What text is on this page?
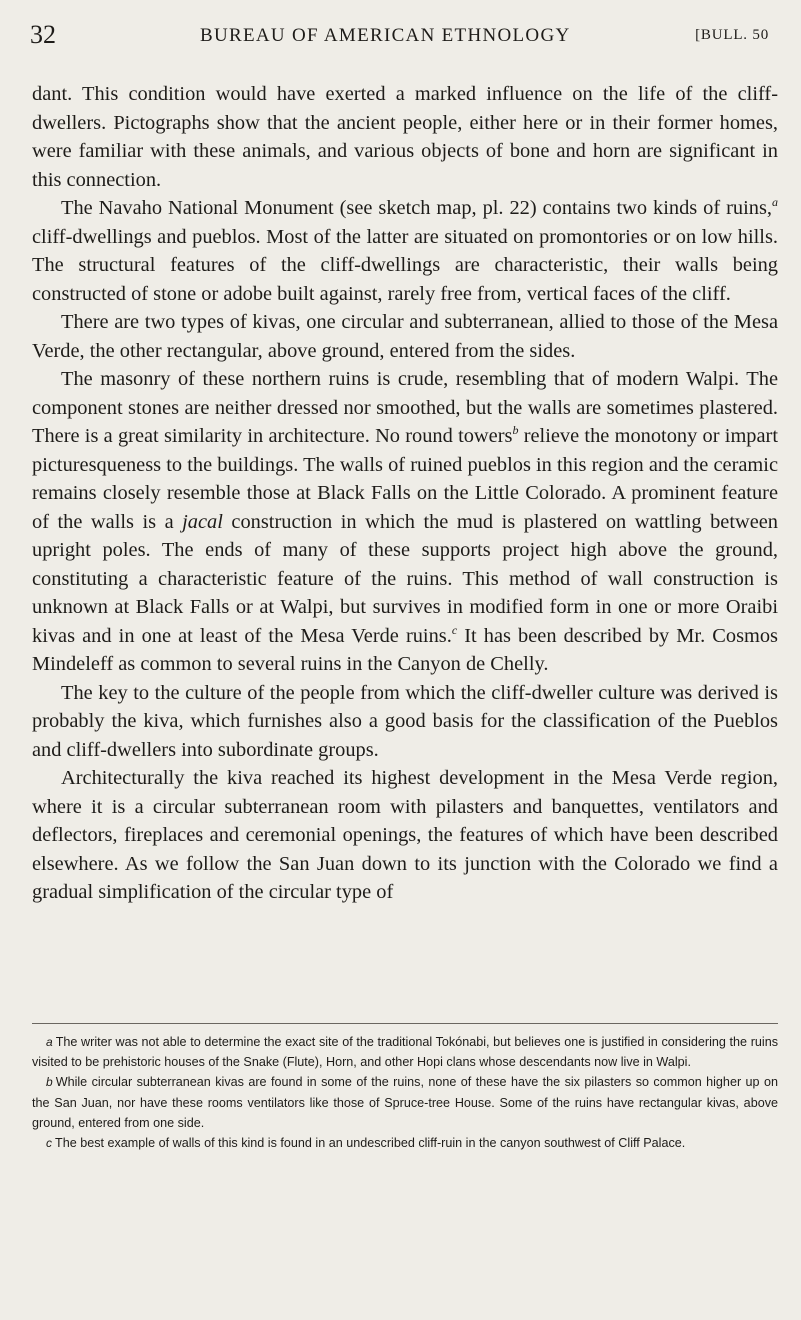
32	BUREAU OF AMERICAN ETHNOLOGY	[BULL. 50

dant. This condition would have exerted a marked influence on the life of the cliff-dwellers. Pictographs show that the ancient people, either here or in their former homes, were familiar with these animals, and various objects of bone and horn are significant in this connection.

The Navaho National Monument (see sketch map, pl. 22) contains two kinds of ruins,$^a$ cliff-dwellings and pueblos. Most of the latter are situated on promontories or on low hills. The structural features of the cliff-dwellings are characteristic, their walls being constructed of stone or adobe built against, rarely free from, vertical faces of the cliff.

There are two types of kivas, one circular and subterranean, allied to those of the Mesa Verde, the other rectangular, above ground, entered from the sides.

The masonry of these northern ruins is crude, resembling that of modern Walpi. The component stones are neither dressed nor smoothed, but the walls are sometimes plastered. There is a great similarity in architecture. No round towers$^b$ relieve the monotony or impart picturesqueness to the buildings. The walls of ruined pueblos in this region and the ceramic remains closely resemble those at Black Falls on the Little Colorado. A prominent feature of the walls is a jacal construction in which the mud is plastered on wattling between upright poles. The ends of many of these supports project high above the ground, constituting a characteristic feature of the ruins. This method of wall construction is unknown at Black Falls or at Walpi, but survives in modified form in one or more Oraibi kivas and in one at least of the Mesa Verde ruins.$^c$ It has been described by Mr. Cosmos Mindeleff as common to several ruins in the Canyon de Chelly.

The key to the culture of the people from which the cliff-dweller culture was derived is probably the kiva, which furnishes also a good basis for the classification of the Pueblos and cliff-dwellers into subordinate groups.

Architecturally the kiva reached its highest development in the Mesa Verde region, where it is a circular subterranean room with pilasters and banquettes, ventilators and deflectors, fireplaces and ceremonial openings, the features of which have been described elsewhere. As we follow the San Juan down to its junction with the Colorado we find a gradual simplification of the circular type of

a The writer was not able to determine the exact site of the traditional Tokónabi, but believes one is justified in considering the ruins visited to be prehistoric houses of the Snake (Flute), Horn, and other Hopi clans whose descendants now live in Walpi.

b While circular subterranean kivas are found in some of the ruins, none of these have the six pilasters so common higher up on the San Juan, nor have these rooms ventilators like those of Spruce-tree House. Some of the ruins have rectangular kivas, above ground, entered from one side.

c The best example of walls of this kind is found in an undescribed cliff-ruin in the canyon southwest of Cliff Palace.
